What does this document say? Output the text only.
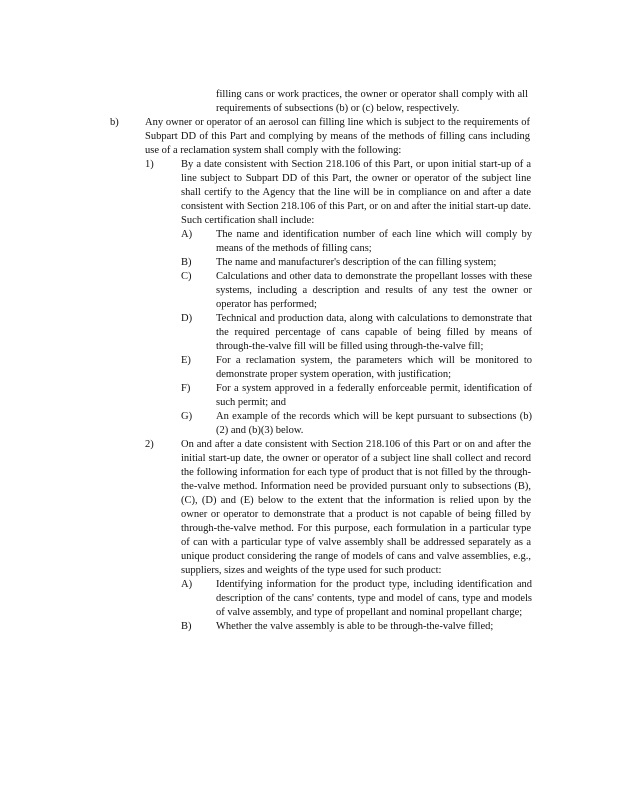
filling cans or work practices, the owner or operator shall comply with all requirements of subsections (b) or (c) below, respectively.
b)	Any owner or operator of an aerosol can filling line which is subject to the requirements of Subpart DD of this Part and complying by means of the methods of filling cans including use of a reclamation system shall comply with the following:
1)	By a date consistent with Section 218.106 of this Part, or upon initial start-up of a line subject to Subpart DD of this Part, the owner or operator of the subject line shall certify to the Agency that the line will be in compliance on and after a date consistent with Section 218.106 of this Part, or on and after the initial start-up date. Such certification shall include:
A) The name and identification number of each line which will comply by means of the methods of filling cans;
B) The name and manufacturer's description of the can filling system;
C) Calculations and other data to demonstrate the propellant losses with these systems, including a description and results of any test the owner or operator has performed;
D) Technical and production data, along with calculations to demonstrate that the required percentage of cans capable of being filled by means of through-the-valve fill will be filled using through-the-valve fill;
E) For a reclamation system, the parameters which will be monitored to demonstrate proper system operation, with justification;
F) For a system approved in a federally enforceable permit, identification of such permit; and
G) An example of the records which will be kept pursuant to subsections (b)(2) and (b)(3) below.
2)	On and after a date consistent with Section 218.106 of this Part or on and after the initial start-up date, the owner or operator of a subject line shall collect and record the following information for each type of product that is not filled by the through-the-valve method. Information need be provided pursuant only to subsections (B), (C), (D) and (E) below to the extent that the information is relied upon by the owner or operator to demonstrate that a product is not capable of being filled by through-the-valve method. For this purpose, each formulation in a particular type of can with a particular type of valve assembly shall be addressed separately as a unique product considering the range of models of cans and valve assemblies, e.g., suppliers, sizes and weights of the type used for such product:
A) Identifying information for the product type, including identification and description of the cans' contents, type and model of cans, type and models of valve assembly, and type of propellant and nominal propellant charge;
B) Whether the valve assembly is able to be through-the-valve filled;
